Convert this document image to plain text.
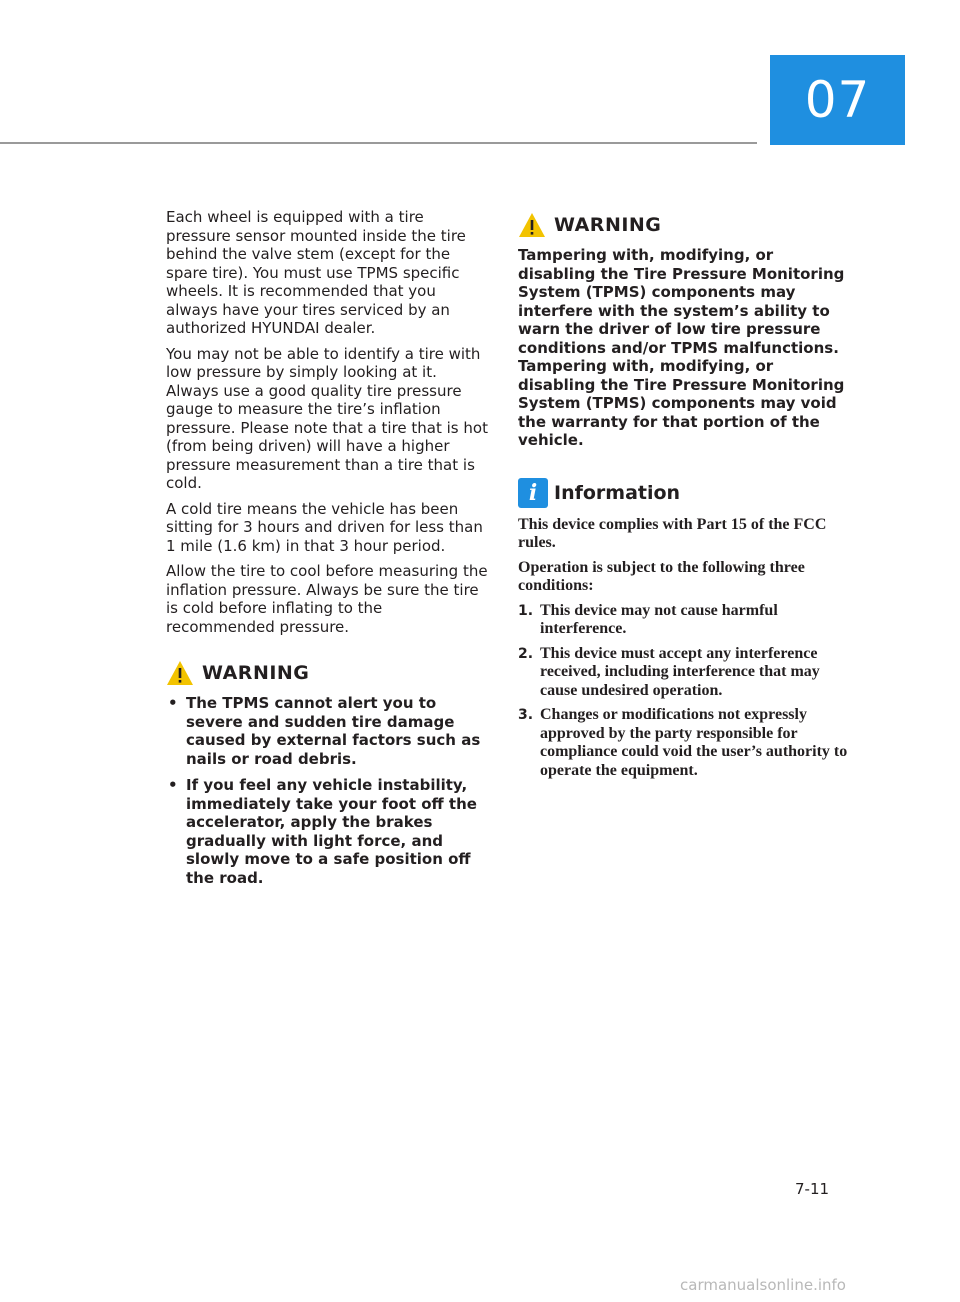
07

Each wheel is equipped with a tire pressure sensor mounted inside the tire behind the valve stem (except for the spare tire). You must use TPMS specific wheels. It is recommended that you always have your tires serviced by an authorized HYUNDAI dealer.

You may not be able to identify a tire with low pressure by simply looking at it. Always use a good quality tire pressure gauge to measure the tire’s inflation pressure. Please note that a tire that is hot (from being driven) will have a higher pressure measurement than a tire that is cold.

A cold tire means the vehicle has been sitting for 3 hours and driven for less than 1 mile (1.6 km) in that 3 hour period.

Allow the tire to cool before measuring the inflation pressure. Always be sure the tire is cold before inflating to the recommended pressure.

WARNING
• The TPMS cannot alert you to severe and sudden tire damage caused by external factors such as nails or road debris.
• If you feel any vehicle instability, immediately take your foot off the accelerator, apply the brakes gradually with light force, and slowly move to a safe position off the road.
WARNING

Tampering with, modifying, or disabling the Tire Pressure Monitoring System (TPMS) components may interfere with the system’s ability to warn the driver of low tire pressure conditions and/or TPMS malfunctions. Tampering with, modifying, or disabling the Tire Pressure Monitoring System (TPMS) components may void the warranty for that portion of the vehicle.

i Information

This device complies with Part 15 of the FCC rules.

Operation is subject to the following three conditions:

1. This device may not cause harmful interference.
2. This device must accept any interference received, including interference that may cause undesired operation.
3. Changes or modifications not expressly approved by the party responsible for compliance could void the user’s authority to operate the equipment.
7-11
carmanualsonline.info
